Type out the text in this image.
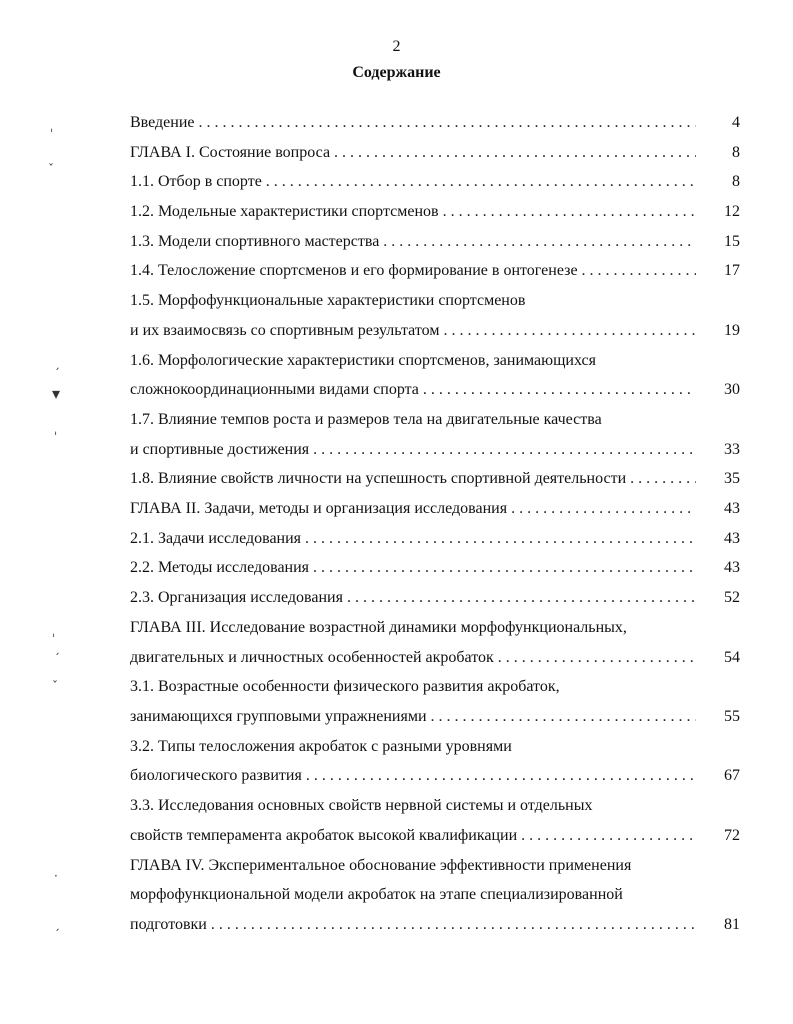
2
Содержание
Введение . . .	4
ГЛАВА I. Состояние вопроса . . .	8
1.1. Отбор в спорте . . .	8
1.2. Модельные характеристики спортсменов . . .	12
1.3. Модели спортивного мастерства . . .	15
1.4. Телосложение спортсменов и его формирование в онтогенезе . . .	17
1.5. Морфофункциональные характеристики спортсменов
и их взаимосвязь со спортивным результатом . . .	19
1.6. Морфологические характеристики спортсменов, занимающихся
сложнокоординационными видами спорта . . .	30
1.7. Влияние темпов роста и размеров тела на двигательные качества
и спортивные достижения . . .	33
1.8. Влияние свойств личности на успешность спортивной деятельности . . .	35
ГЛАВА II. Задачи, методы и организация исследования . . .	43
2.1. Задачи исследования . . .	43
2.2. Методы исследования . . .	43
2.3. Организация исследования . . .	52
ГЛАВА III. Исследование возрастной динамики морфофункциональных,
двигательных и личностных особенностей акробаток . . .	54
3.1. Возрастные особенности физического развития акробаток,
занимающихся групповыми упражнениями . . .	55
3.2. Типы телосложения акробаток с разными уровнями
биологического развития . . .	67
3.3. Исследования основных свойств нервной системы и отдельных
свойств темперамента акробаток высокой квалификации . . .	72
ГЛАВА IV. Экспериментальное обоснование эффективности применения
морфофункциональной модели акробаток на этапе специализированной
подготовки . . .	81
ˌ
ˇ
ˏ
▾
ˌ
ˌ
ˏ
ˇ
·
ˏ
